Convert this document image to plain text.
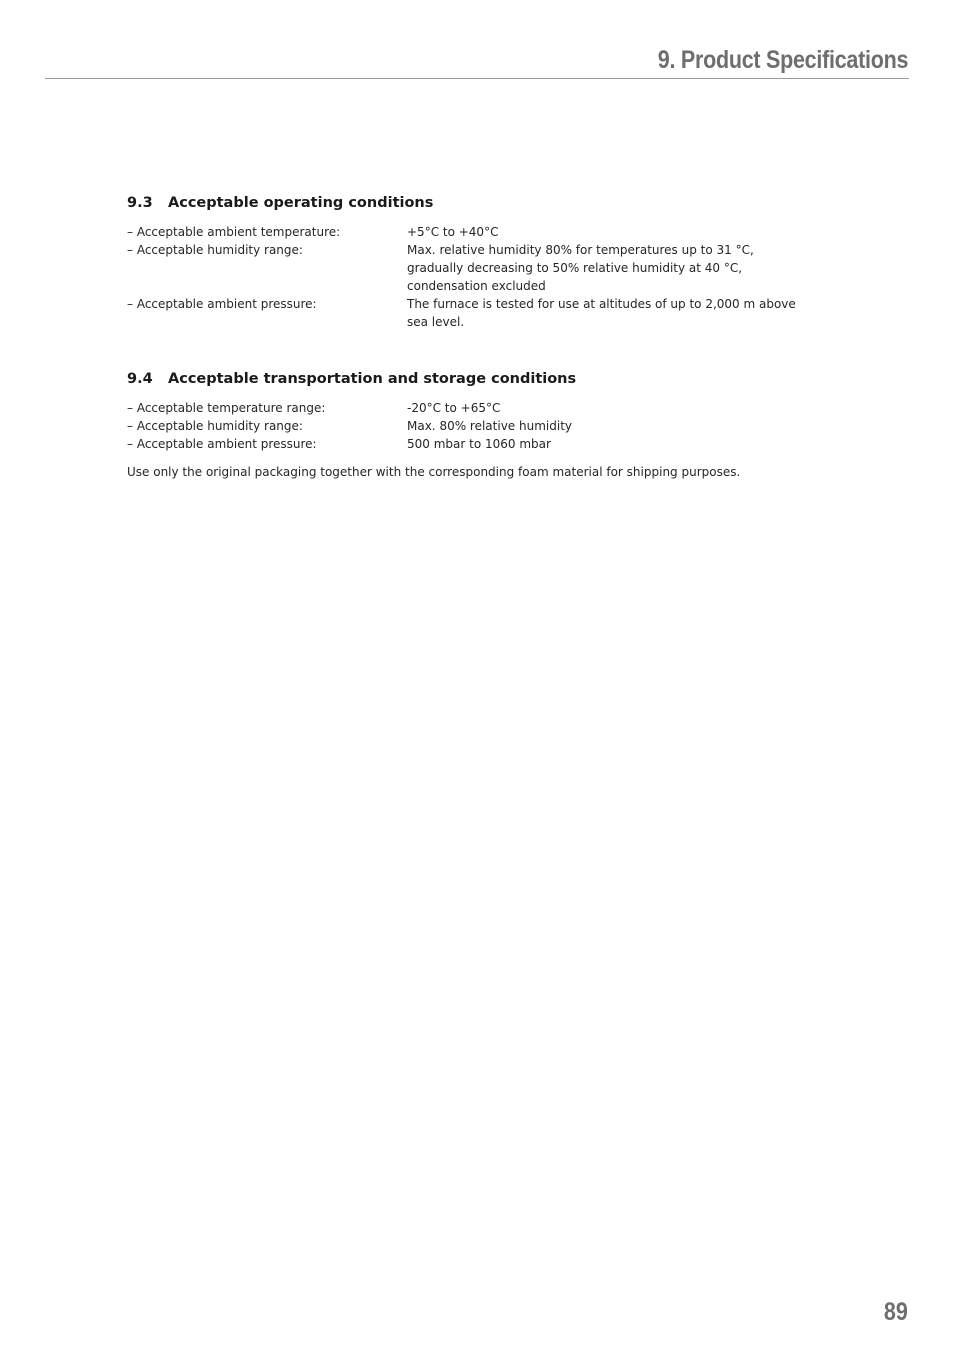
9. Product Specifications
9.3	Acceptable operating conditions
– Acceptable ambient temperature:	+5°C to +40°C
– Acceptable humidity range:	Max. relative humidity 80% for temperatures up to 31 °C, gradually decreasing to 50% relative humidity at 40 °C, condensation excluded
– Acceptable ambient pressure:	The furnace is tested for use at altitudes of up to 2,000 m above sea level.
9.4	Acceptable transportation and storage conditions
– Acceptable temperature range:	-20°C to +65°C
– Acceptable humidity range:	Max. 80% relative humidity
– Acceptable ambient pressure:	500 mbar to 1060 mbar
Use only the original packaging together with the corresponding foam material for shipping purposes.
89
